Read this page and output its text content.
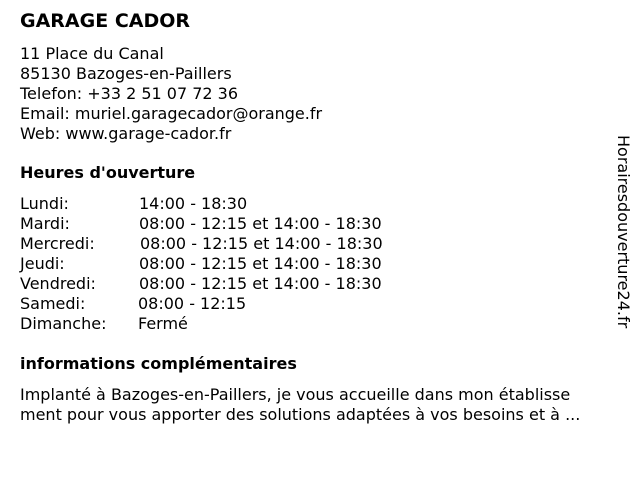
GARAGE CADOR
11 Place du Canal
85130 Bazoges-en-Paillers
Telefon: +33 2 51 07 72 36
Email: muriel.garagecador@orange.fr
Web: www.garage-cador.fr
Heures d'ouverture
Lundi:	14:00 - 18:30
Mardi:	08:00 - 12:15 et 14:00 - 18:30
Mercredi:	08:00 - 12:15 et 14:00 - 18:30
Jeudi:	08:00 - 12:15 et 14:00 - 18:30
Vendredi:	08:00 - 12:15 et 14:00 - 18:30
Samedi:	08:00 - 12:15
Dimanche: Fermé
informations complémentaires
Implanté à Bazoges-en-Paillers, je vous accueille dans mon établisse
ment pour vous apporter des solutions adaptées à vos besoins et à ...
Horairesdouverture24.fr
